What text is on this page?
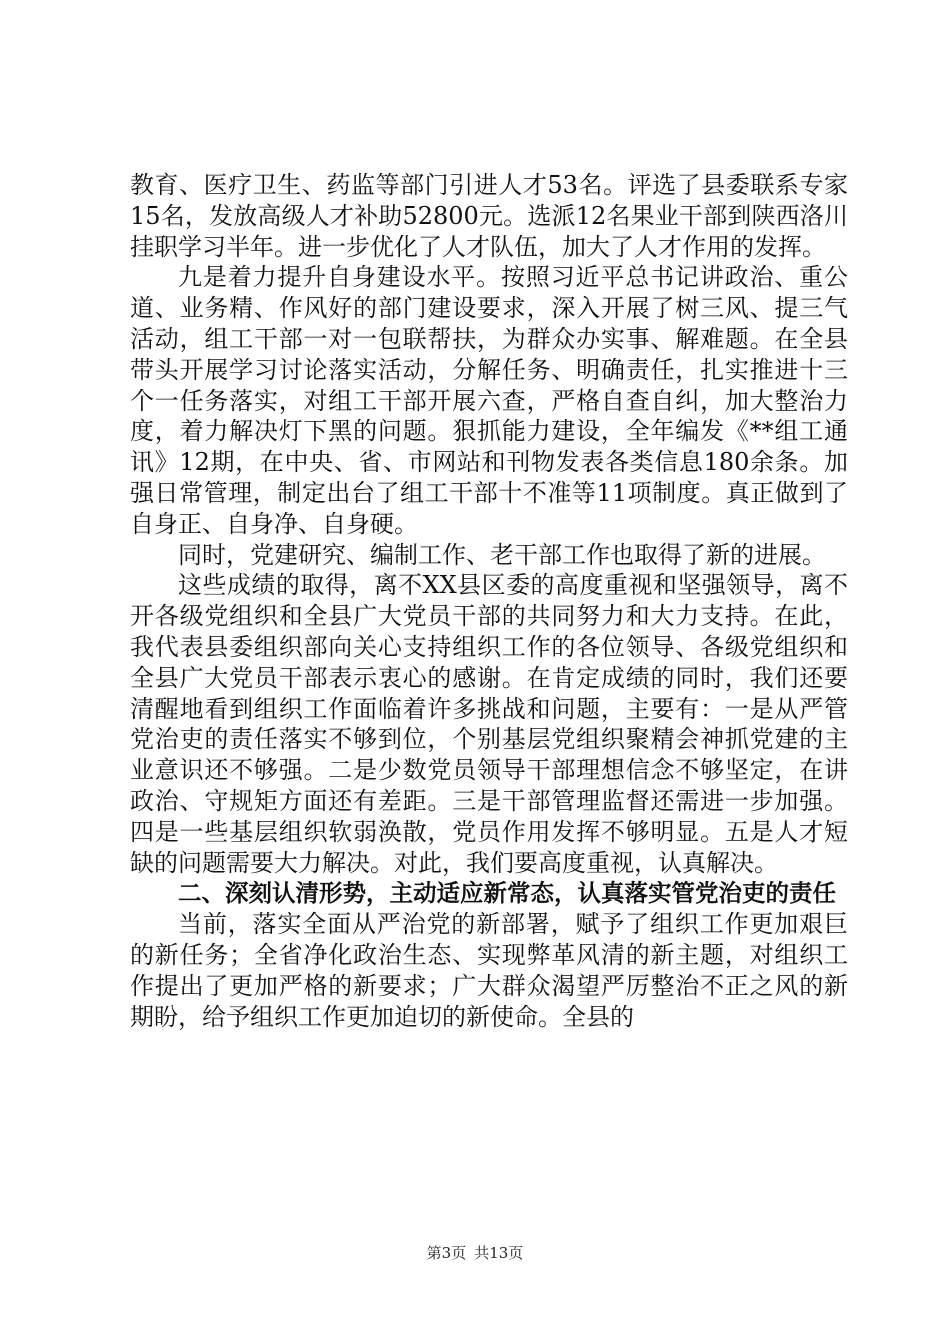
教育、医疗卫生、药监等部门引进人才53名。评选了县委联系专家15名，发放高级人才补助52800元。选派12名果业干部到陕西洛川挂职学习半年。进一步优化了人才队伍，加大了人才作用的发挥。

九是着力提升自身建设水平。按照习近平总书记讲政治、重公道、业务精、作风好的部门建设要求，深入开展了树三风、提三气活动，组工干部一对一包联帮扶，为群众办实事、解难题。在全县带头开展学习讨论落实活动，分解任务、明确责任，扎实推进十三个一任务落实，对组工干部开展六查，严格自查自纠，加大整治力度，着力解决灯下黑的问题。狠抓能力建设，全年编发《**组工通讯》12期，在中央、省、市网站和刊物发表各类信息180余条。加强日常管理，制定出台了组工干部十不准等11项制度。真正做到了自身正、自身净、自身硬。

同时，党建研究、编制工作、老干部工作也取得了新的进展。

这些成绩的取得，离不XX县区委的高度重视和坚强领导，离不开各级党组织和全县广大党员干部的共同努力和大力支持。在此，我代表县委组织部向关心支持组织工作的各位领导、各级党组织和全县广大党员干部表示衷心的感谢。在肯定成绩的同时，我们还要清醒地看到组织工作面临着许多挑战和问题，主要有：一是从严管党治吏的责任落实不够到位，个别基层党组织聚精会神抓党建的主业意识还不够强。二是少数党员领导干部理想信念不够坚定，在讲政治、守规矩方面还有差距。三是干部管理监督还需进一步加强。四是一些基层组织软弱涣散，党员作用发挥不够明显。五是人才短缺的问题需要大力解决。对此，我们要高度重视，认真解决。

二、深刻认清形势，主动适应新常态，认真落实管党治吏的责任

当前，落实全面从严治党的新部署，赋予了组织工作更加艰巨的新任务；全省净化政治生态、实现弊革风清的新主题，对组织工作提出了更加严格的新要求；广大群众渴望严厉整治不正之风的新期盼，给予组织工作更加迫切的新使命。全县的

第3页 共13页
